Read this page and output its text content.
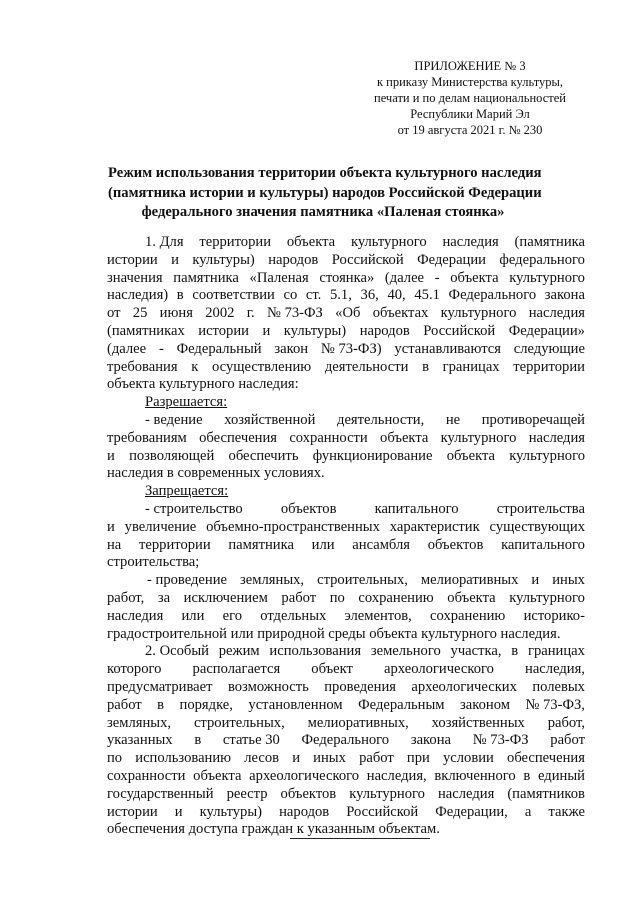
ПРИЛОЖЕНИЕ № 3
к приказу Министерства культуры,
печати и по делам национальностей
Республики Марий Эл
от 19 августа 2021 г. № 230
Режим использования территории объекта культурного наследия
(памятника истории и культуры) народов Российской Федерации
федерального значения памятника «Паленая стоянка»
1. Для территории объекта культурного наследия (памятника
истории и культуры) народов Российской Федерации федерального
значения памятника «Паленая стоянка» (далее - объекта культурного
наследия) в соответствии со ст. 5.1, 36, 40, 45.1 Федерального закона
от 25 июня 2002 г. № 73-ФЗ «Об объектах культурного наследия
(памятниках истории и культуры) народов Российской Федерации»
(далее - Федеральный закон № 73-ФЗ) устанавливаются следующие
требования к осуществлению деятельности в границах территории
объекта культурного наследия:
Разрешается:
- ведение хозяйственной деятельности, не противоречащей
требованиям обеспечения сохранности объекта культурного наследия
и позволяющей обеспечить функционирование объекта культурного
наследия в современных условиях.
Запрещается:
- строительство	объектов	капитального	строительства
и увеличение объемно-пространственных характеристик существующих
на территории памятника или ансамбля объектов капитального
строительства;
- проведение земляных, строительных, мелиоративных и иных
работ, за исключением работ по сохранению объекта культурного
наследия или его отдельных элементов, сохранению историко-
градостроительной или природной среды объекта культурного наследия.
2. Особый режим использования земельного участка, в границах
которого располагается объект археологического наследия,
предусматривает возможность проведения археологических полевых
работ в порядке, установленном Федеральным законом № 73-ФЗ,
земляных, строительных, мелиоративных, хозяйственных работ,
указанных в статье 30 Федерального закона № 73-ФЗ работ
по использованию лесов и иных работ при условии обеспечения
сохранности объекта археологического наследия, включенного в единый
государственный реестр объектов культурного наследия (памятников
истории и культуры) народов Российской Федерации, а также
обеспечения доступа граждан к указанным объектам.
